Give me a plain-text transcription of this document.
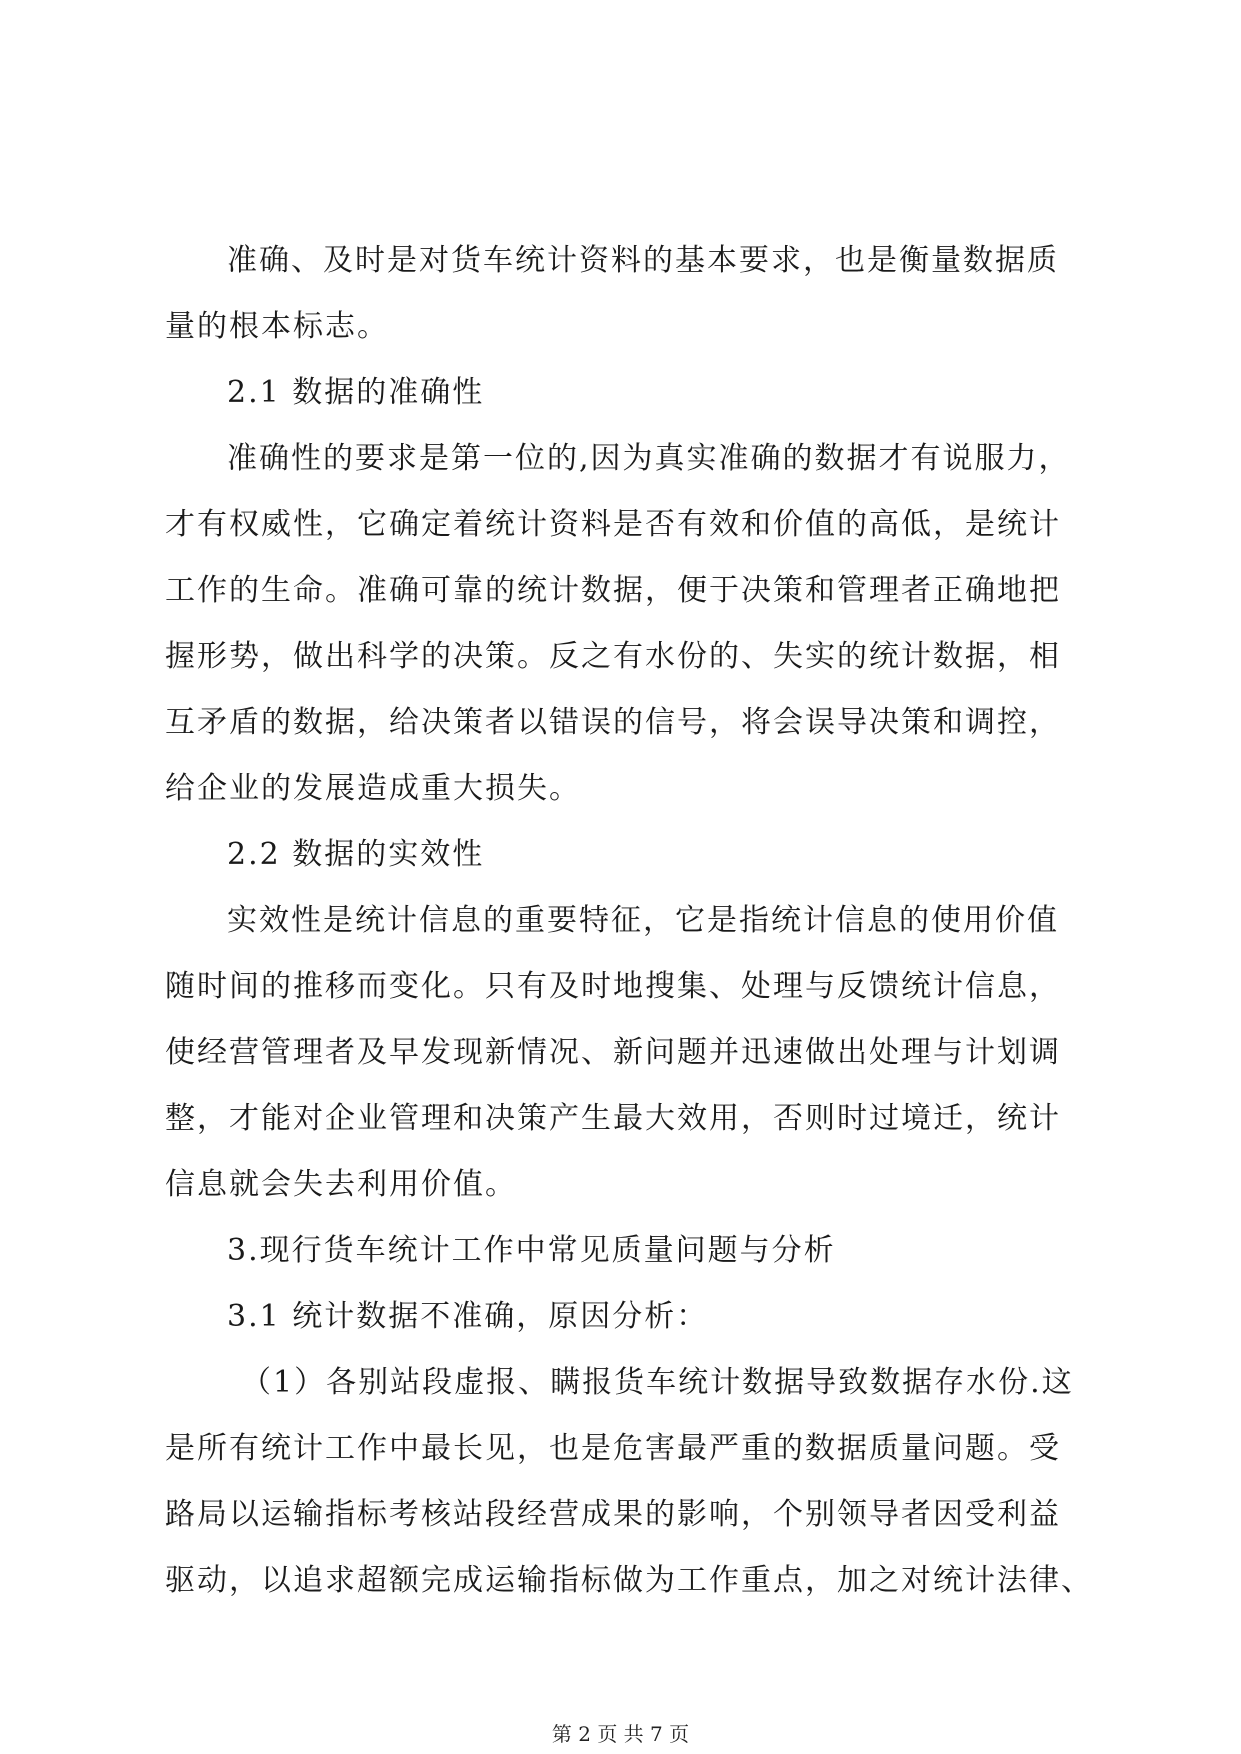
准确、及时是对货车统计资料的基本要求，也是衡量数据质
量的根本标志。
2.1 数据的准确性
准确性的要求是第一位的,因为真实准确的数据才有说服力，
才有权威性，它确定着统计资料是否有效和价值的高低，是统计
工作的生命。准确可靠的统计数据，便于决策和管理者正确地把
握形势，做出科学的决策。反之有水份的、失实的统计数据，相
互矛盾的数据，给决策者以错误的信号，将会误导决策和调控，
给企业的发展造成重大损失。
2.2 数据的实效性
实效性是统计信息的重要特征，它是指统计信息的使用价值
随时间的推移而变化。只有及时地搜集、处理与反馈统计信息，
使经营管理者及早发现新情况、新问题并迅速做出处理与计划调
整，才能对企业管理和决策产生最大效用，否则时过境迁，统计
信息就会失去利用价值。
3.现行货车统计工作中常见质量问题与分析
3.1 统计数据不准确，原因分析：
（1）各别站段虚报、瞒报货车统计数据导致数据存水份.这
是所有统计工作中最长见，也是危害最严重的数据质量问题。受
路局以运输指标考核站段经营成果的影响，个别领导者因受利益
驱动，以追求超额完成运输指标做为工作重点，加之对统计法律、
第 2 页 共 7 页
